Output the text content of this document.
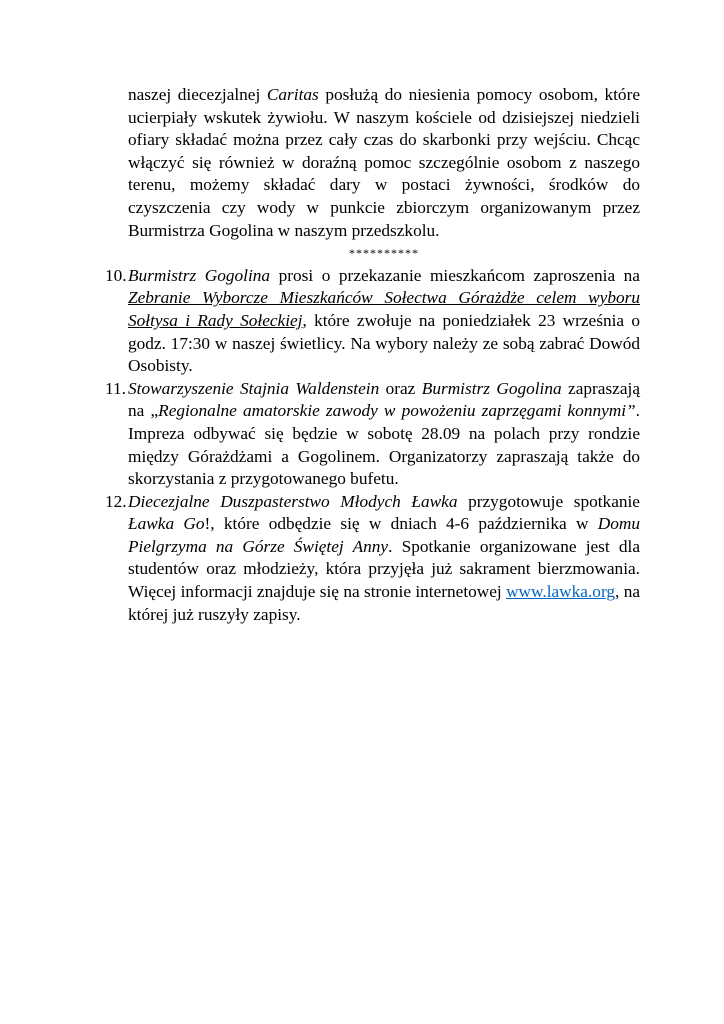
naszej diecezjalnej Caritas posłużą do niesienia pomocy osobom, które ucierpiały wskutek żywiołu. W naszym kościele od dzisiejszej niedzieli ofiary składać można przez cały czas do skarbonki przy wejściu. Chcąc włączyć się również w doraźną pomoc szczególnie osobom z naszego terenu, możemy składać dary w postaci żywności, środków do czyszczenia czy wody w punkcie zbiorczym organizowanym przez Burmistrza Gogolina w naszym przedszkolu.

**********

10. Burmistrz Gogolina prosi o przekazanie mieszkańcom zaproszenia na Zebranie Wyborcze Mieszkańców Sołectwa Górażdże celem wyboru Sołtysa i Rady Sołeckiej, które zwołuje na poniedziałek 23 września o godz. 17:30 w naszej świetlicy. Na wybory należy ze sobą zabrać Dowód Osobisty.
11. Stowarzyszenie Stajnia Waldenstein oraz Burmistrz Gogolina zapraszają na „Regionalne amatorskie zawody w powożeniu zaprzęgami konnymi”. Impreza odbywać się będzie w sobotę 28.09 na polach przy rondzie między Górażdżami a Gogolinem. Organizatorzy zapraszają także do skorzystania z przygotowanego bufetu.
12. Diecezjalne Duszpasterstwo Młodych Ławka przygotowuje spotkanie Ławka Go!, które odbędzie się w dniach 4-6 października w Domu Pielgrzyma na Górze Świętej Anny. Spotkanie organizowane jest dla studentów oraz młodzieży, która przyjęła już sakrament bierzmowania. Więcej informacji znajduje się na stronie internetowej www.lawka.org, na której już ruszyły zapisy.
